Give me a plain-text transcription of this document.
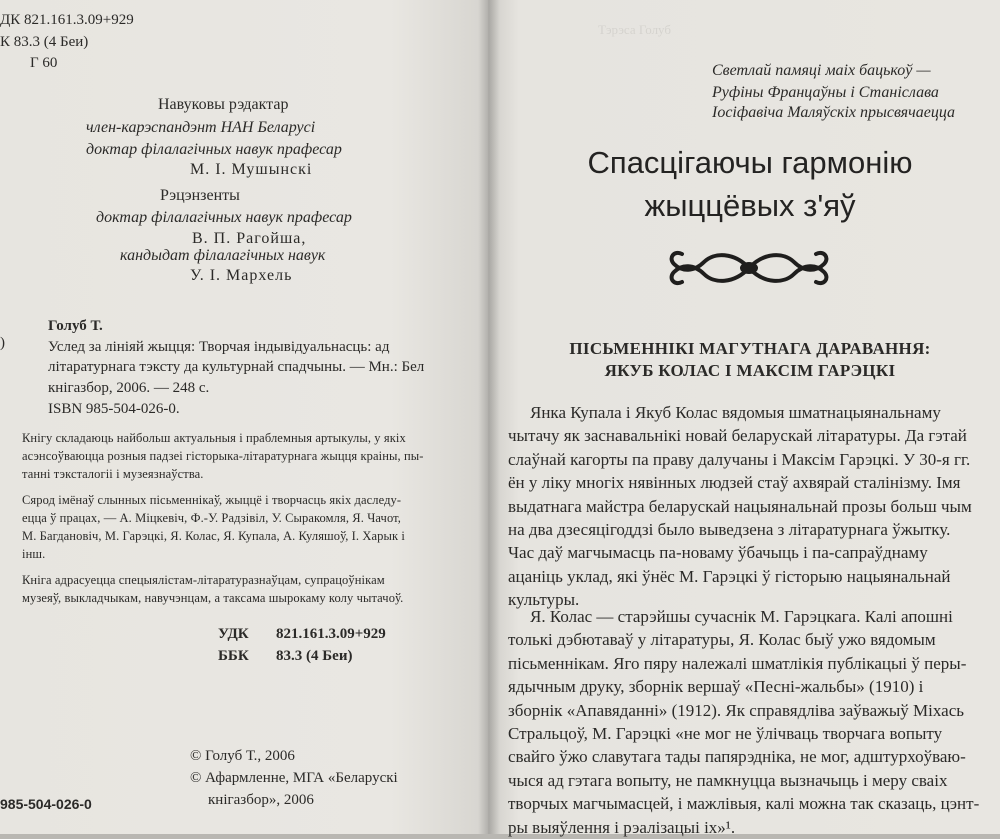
ДК 821.161.3.09+929
К 83.3 (4 Беи)
Г 60
Навуковы рэдактар
член-карэспандэнт НАН Беларусі
доктар філалагічных навук прафесар
М. І. Мушынскі
Рэцэнзенты
доктар філалагічных навук прафесар
В. П. Рагойша,
кандыдат філалагічных навук
У. І. Мархель
Голуб Т.
)	Услед за лініяй жыцця: Творчая індывідуальнасць: ад
літаратурнага тэксту да культурнай спадчыны. — Мн.: Бел
кнігазбор, 2006. — 248 с.
ISBN 985-504-026-0.
Кнігу складаюць найбольш актуальныя і праблемныя артыкулы, у якіх
асэнсоўваюцца розныя падзеі гісторыка-літаратурнага жыцця краіны, пы-
танні тэкстaлогіі і музеязнаўства.
Сярод імёнаў слынных пісьменнікаў, жыццё і творчасць якіх даследу-
ецца ў працах, — А. Міцкевіч, Ф.-У. Радзівіл, У. Сыракомля, Я. Чачот,
М. Багдановіч, М. Гарэцкі, Я. Колас, Я. Купала, А. Куляшоў, І. Харык і
інш.
Кніга адрасуецца спецыялістам-літаратуразнаўцам, супрацоўнікам
музеяў, выкладчыкам, навучэнцам, а таксама шырокаму колу чытачоў.
УДК 821.161.3.09+929
ББК 83.3 (4 Беи)
© Голуб Т., 2006
© Афармленне, МГА «Беларускі
кнігазбор», 2006
985-504-026-0
Тэрэса Голуб
Светлай памяці маіх бацькоў —
Руфіны Францаўны і Станіслава
Іосіфавіча Маляўскіх прысвячаецца
Спасцігаючы гармонію
жыццёвых з'яў
ПІСЬМЕННІКІ МАГУТНАГА ДАРАВАННЯ:
ЯКУБ КОЛАС І МАКСІМ ГАРЭЦКІ
Янка Купала і Якуб Колас вядомыя шматнацыянальнаму
чытачу як заснавальнікі новай беларускай літаратуры. Да гэтай
слаўнай кагорты па праву далучаны і Максім Гарэцкі. У 30-я гг.
ён у ліку многіх нявінных людзей стаў ахвярай сталінізму. Імя
выдатнага майстра беларускай нацыянальнай прозы больш чым
на два дзесяцігоддзі было выведзена з літаратурнага ўжытку.
Час даў магчымасць па-новаму ўбачыць і па-сапраўднаму
ацаніць уклад, які ўнёс М. Гарэцкі ў гісторыю нацыянальнай
культуры.
Я. Колас — старэйшы сучаснік М. Гарэцкага. Калі апошні
толькі дэбютаваў у літаратуры, Я. Колас быў ужо вядомым
пісьменнікам. Яго пяру належалі шматлікія публікацыі ў перы-
ядычным друку, зборнік вершаў «Песні-жальбы» (1910) і
зборнік «Апавяданні» (1912). Як справядліва заўважыў Міхась
Стральцоў, М. Гарэцкі «не мог не ўлічваць творчага вопыту
свайго ўжо славутага тады папярэдніка, не мог, адштурхоўваю-
чыся ад гэтага вопыту, не памкнуцца вызначыць і меру сваіх
творчых магчымасцей, і мажлівыя, калі можна так сказаць, цэнт-
ры выяўлення і рэалізацыі іх»¹.
